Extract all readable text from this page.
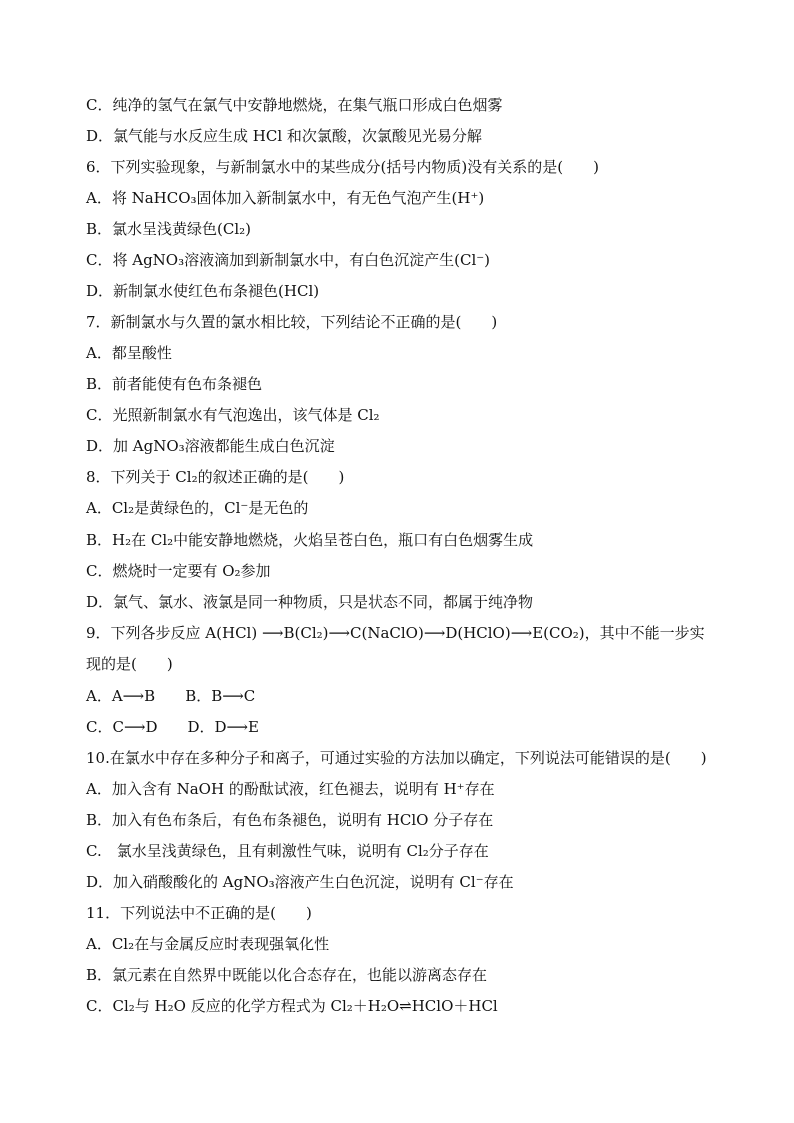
C．纯净的氢气在氯气中安静地燃烧，在集气瓶口形成白色烟雾
D．氯气能与水反应生成 HCl 和次氯酸，次氯酸见光易分解
6．下列实验现象，与新制氯水中的某些成分(括号内物质)没有关系的是(　　)
A．将 NaHCO₃固体加入新制氯水中，有无色气泡产生(H⁺)
B．氯水呈浅黄绿色(Cl₂)
C．将 AgNO₃溶液滴加到新制氯水中，有白色沉淀产生(Cl⁻)
D．新制氯水使红色布条褪色(HCl)
7．新制氯水与久置的氯水相比较，下列结论不正确的是(　　)
A．都呈酸性
B．前者能使有色布条褪色
C．光照新制氯水有气泡逸出，该气体是 Cl₂
D．加 AgNO₃溶液都能生成白色沉淀
8．下列关于 Cl₂的叙述正确的是(　　)
A．Cl₂是黄绿色的，Cl⁻是无色的
B．H₂在 Cl₂中能安静地燃烧，火焰呈苍白色，瓶口有白色烟雾生成
C．燃烧时一定要有 O₂参加
D．氯气、氯水、液氯是同一种物质，只是状态不同，都属于纯净物
9．下列各步反应 A(HCl) ⟶B(Cl₂)⟶C(NaClO)⟶D(HClO)⟶E(CO₂)，其中不能一步实
现的是(　　)
A．A⟶B　　B．B⟶C
C．C⟶D　　D．D⟶E
10.在氯水中存在多种分子和离子，可通过实验的方法加以确定，下列说法可能错误的是(　　)
A．加入含有 NaOH 的酚酞试液，红色褪去，说明有 H⁺存在
B．加入有色布条后，有色布条褪色，说明有 HClO 分子存在
C.　氯水呈浅黄绿色，且有刺激性气味，说明有 Cl₂分子存在
D．加入硝酸酸化的 AgNO₃溶液产生白色沉淀，说明有 Cl⁻存在
11．下列说法中不正确的是(　　)
A．Cl₂在与金属反应时表现强氧化性
B．氯元素在自然界中既能以化合态存在，也能以游离态存在
C．Cl₂与 H₂O 反应的化学方程式为 Cl₂＋H₂O⇌HClO＋HCl
